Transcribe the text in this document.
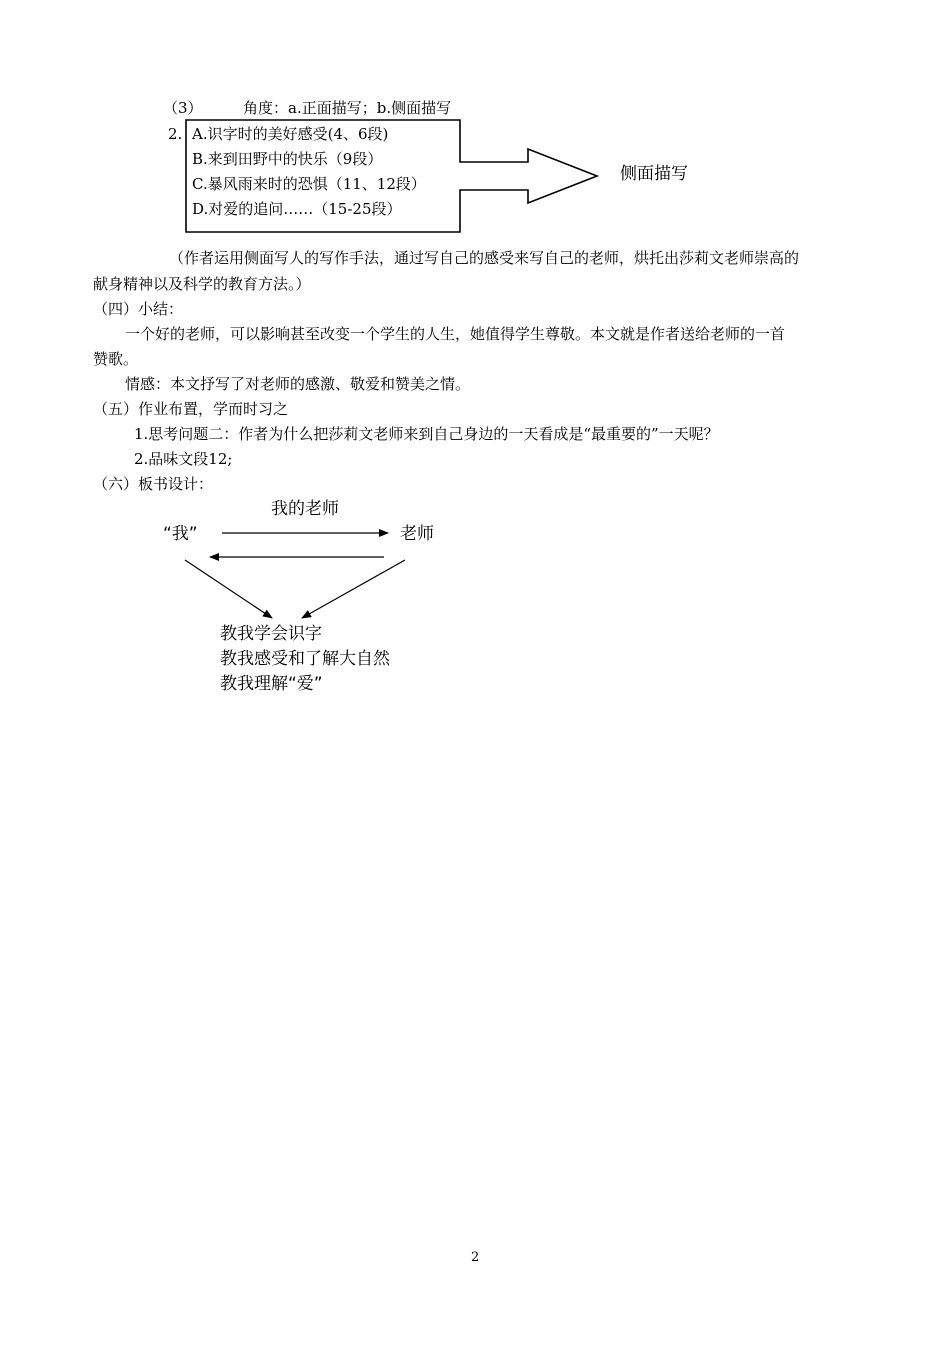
（3）	角度：a.正面描写；b.侧面描写
2. A.识字时的美好感受(4、6段)
B.来到田野中的快乐（9段）
C.暴风雨来时的恐惧（11、12段）
D.对爱的追问……（15-25段）
侧面描写
（作者运用侧面写人的写作手法，通过写自己的感受来写自己的老师，烘托出莎莉文老师崇高的
献身精神以及科学的教育方法。）
（四）小结：
一个好的老师，可以影响甚至改变一个学生的人生，她值得学生尊敬。本文就是作者送给老师的一首
赞歌。
情感：本文抒写了对老师的感激、敬爱和赞美之情。
（五）作业布置，学而时习之
1.思考问题二：作者为什么把莎莉文老师来到自己身边的一天看成是“最重要的”一天呢？
2.品味文段12;
（六）板书设计：
我的老师
“我”	老师
教我学会识字
教我感受和了解大自然
教我理解“爱”
2
